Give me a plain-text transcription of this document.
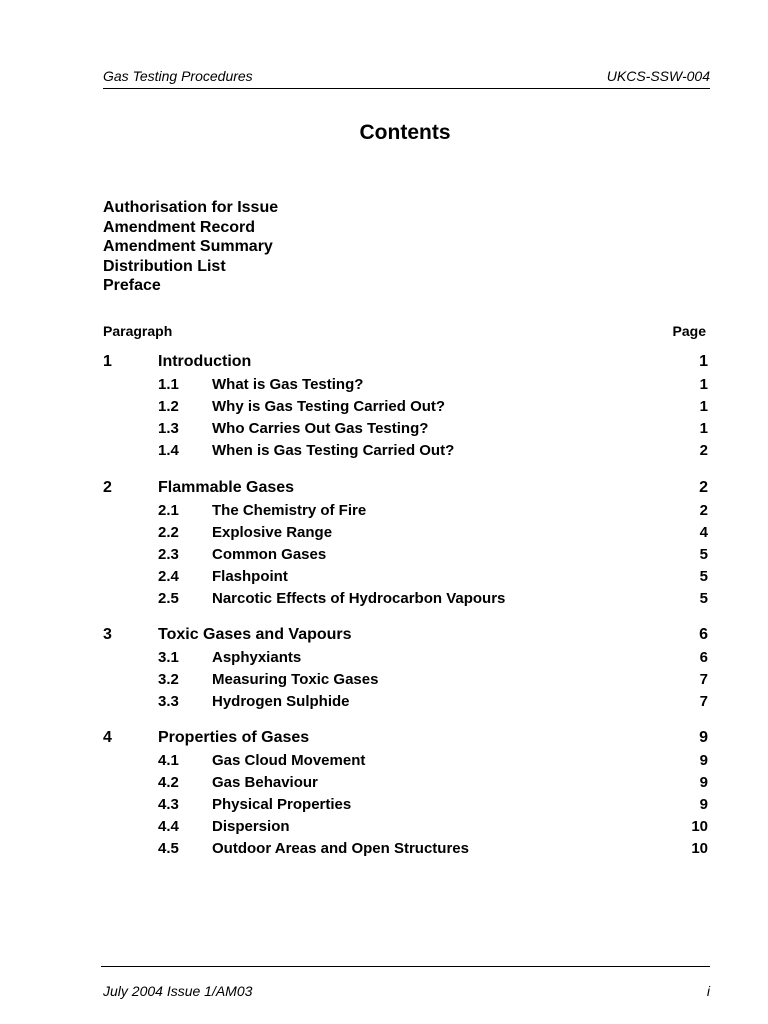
Gas Testing Procedures	UKCS-SSW-004
Contents
Authorisation for Issue
Amendment Record
Amendment Summary
Distribution List
Preface
Paragraph	Page
1	Introduction	1
1.1 What is Gas Testing?	1
1.2 Why is Gas Testing Carried Out?	1
1.3 Who Carries Out Gas Testing?	1
1.4 When is Gas Testing Carried Out?	2
2	Flammable Gases	2
2.1 The Chemistry of Fire	2
2.2 Explosive Range	4
2.3 Common Gases	5
2.4 Flashpoint	5
2.5 Narcotic Effects of Hydrocarbon Vapours	5
3	Toxic Gases and Vapours	6
3.1 Asphyxiants	6
3.2 Measuring Toxic Gases	7
3.3 Hydrogen Sulphide	7
4	Properties of Gases	9
4.1 Gas Cloud Movement	9
4.2 Gas Behaviour	9
4.3 Physical Properties	9
4.4 Dispersion	10
4.5 Outdoor Areas and Open Structures	10
July 2004 Issue 1/AM03	i
